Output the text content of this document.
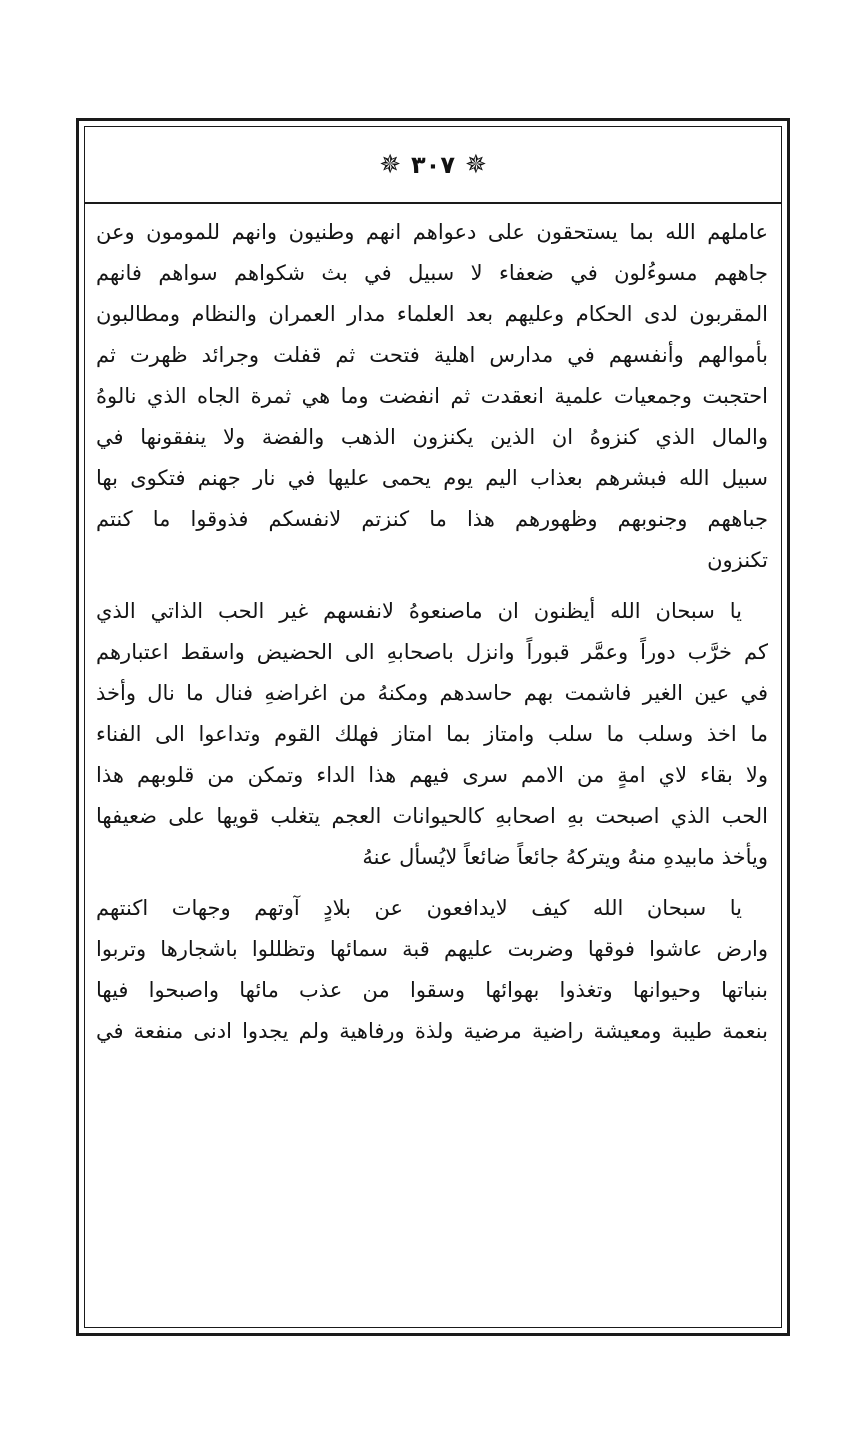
✵
٣٠٧
✵
عاملهم الله بما يستحقون على دعواهم انهم وطنيون وانهم للمومون وعن
جاههم مسوءُلون في ضعفاء لا سبيل في بث شكواهم سواهم فانهم
المقربون لدى الحكام وعليهم بعد العلماء مدار العمران والنظام ومطالبون
بأموالهم وأنفسهم في مدارس اهلية فتحت ثم قفلت وجرائد ظهرت ثم
احتجبت وجمعيات علمية انعقدت ثم انفضت وما هي ثمرة الجاه الذي نالوهُ
والمال الذي كنزوهُ ان الذين يكنزون الذهب والفضة ولا ينفقونها في
سبيل الله فبشرهم بعذاب اليم يوم يحمى عليها في نار جهنم فتكوى بها
جباههم وجنوبهم وظهورهم هذا ما كنزتم لانفسكم فذوقوا ما كنتم
تكنزون
يا سبحان الله أيظنون ان ماصنعوهُ لانفسهم غير الحب الذاتي الذي
كم خرَّب دوراً وعمَّر قبوراً وانزل باصحابهِ الى الحضيض واسقط اعتبارهم
في عين الغير فاشمت بهم حاسدهم ومكنهُ من اغراضهِ فنال ما نال وأخذ
ما اخذ وسلب ما سلب وامتاز بما امتاز فهلك القوم وتداعوا الى الفناء
ولا بقاء لاي امةٍ من الامم سرى فيهم هذا الداء وتمكن من قلوبهم هذا
الحب الذي اصبحت بهِ اصحابهِ كالحيوانات العجم يتغلب قويها على ضعيفها
ويأخذ مابيدهِ منهُ ويتركهُ جائعاً ضائعاً لايُسأل عنهُ
يا سبحان الله كيف لايدافعون عن بلادٍ آوتهم وجهات اكنتهم
وارض عاشوا فوقها وضربت عليهم قبة سمائها وتظللوا باشجارها وتربوا
بنباتها وحيوانها وتغذوا بهوائها وسقوا من عذب مائها واصبحوا فيها
بنعمة طيبة ومعيشة راضية مرضية ولذة ورفاهية ولم يجدوا ادنى منفعة في
